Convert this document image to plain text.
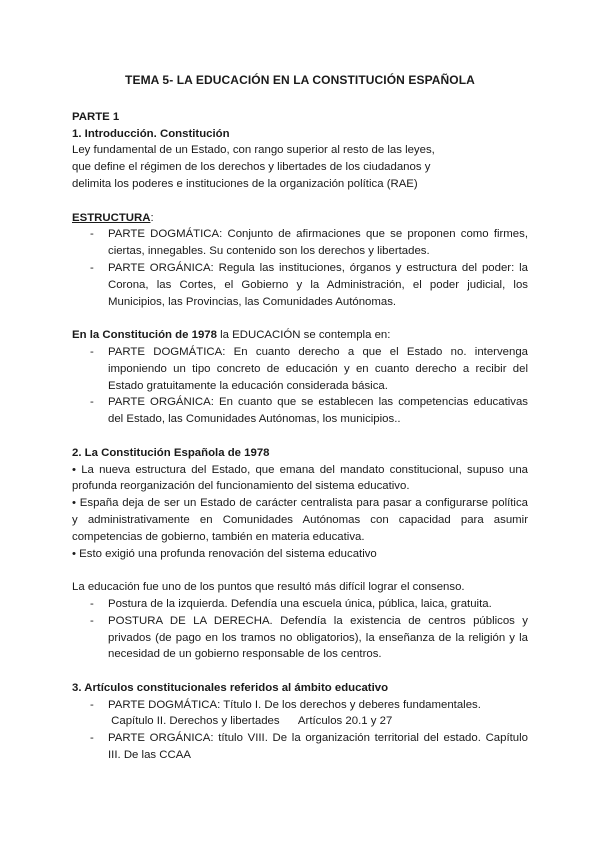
TEMA 5- LA EDUCACIÓN EN LA CONSTITUCIÓN ESPAÑOLA
PARTE 1
1. Introducción. Constitución
Ley fundamental de un Estado, con rango superior al resto de las leyes,
que define el régimen de los derechos y libertades de los ciudadanos y
delimita los poderes e instituciones de la organización política (RAE)
ESTRUCTURA:
- PARTE DOGMÁTICA: Conjunto de afirmaciones que se proponen como firmes, ciertas, innegables. Su contenido son los derechos y libertades.
- PARTE ORGÁNICA: Regula las instituciones, órganos y estructura del poder: la Corona, las Cortes, el Gobierno y la Administración, el poder judicial, los Municipios, las Provincias, las Comunidades Autónomas.
En la Constitución de 1978 la EDUCACIÓN se contempla en:
- PARTE DOGMÁTICA: En cuanto derecho a que el Estado no. intervenga imponiendo un tipo concreto de educación y en cuanto derecho a recibir del Estado gratuitamente la educación considerada básica.
- PARTE ORGÁNICA: En cuanto que se establecen las competencias educativas del Estado, las Comunidades Autónomas, los municipios..
2. La Constitución Española de 1978
• La nueva estructura del Estado, que emana del mandato constitucional, supuso una profunda reorganización del funcionamiento del sistema educativo.
• España deja de ser un Estado de carácter centralista para pasar a configurarse política y administrativamente en Comunidades Autónomas con capacidad para asumir competencias de gobierno, también en materia educativa.
• Esto exigió una profunda renovación del sistema educativo
La educación fue uno de los puntos que resultó más difícil lograr el consenso.
- Postura de la izquierda. Defendía una escuela única, pública, laica, gratuita.
- POSTURA DE LA DERECHA. Defendía la existencia de centros públicos y privados (de pago en los tramos no obligatorios), la enseñanza de la religión y la necesidad de un gobierno responsable de los centros.
3. Artículos constitucionales referidos al ámbito educativo
- PARTE DOGMÁTICA: Título I. De los derechos y deberes fundamentales.
Capítulo II. Derechos y libertades      Artículos 20.1 y 27
- PARTE ORGÁNICA: título VIII. De la organización territorial del estado. Capítulo III. De las CCAA
